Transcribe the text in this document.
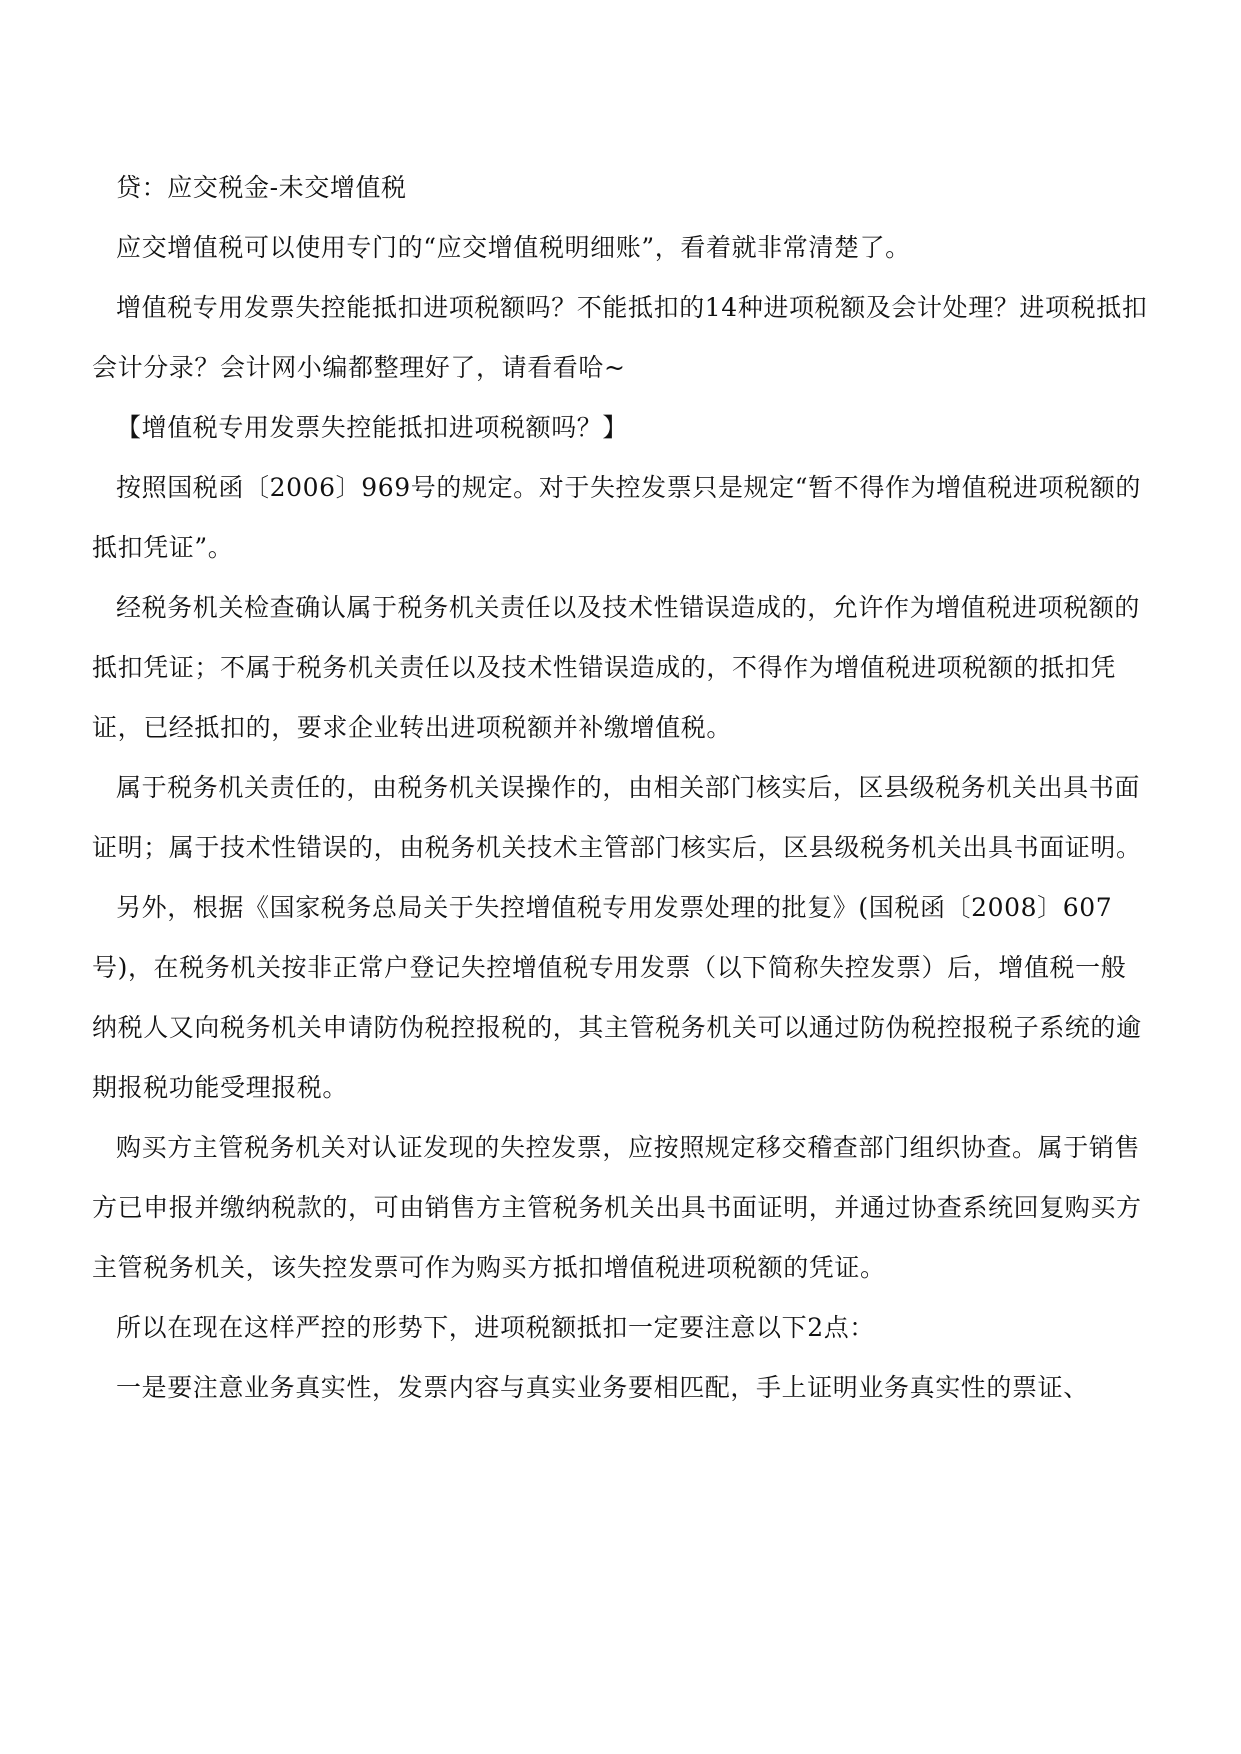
贷：应交税金-未交增值税

应交增值税可以使用专门的“应交增值税明细账”，看着就非常清楚了。

增值税专用发票失控能抵扣进项税额吗？不能抵扣的14种进项税额及会计处理？进项税抵扣会计分录？会计网小编都整理好了，请看看哈~

【增值税专用发票失控能抵扣进项税额吗？】

按照国税函〔2006〕969号的规定。对于失控发票只是规定“暂不得作为增值税进项税额的抵扣凭证”。

经税务机关检查确认属于税务机关责任以及技术性错误造成的，允许作为增值税进项税额的抵扣凭证；不属于税务机关责任以及技术性错误造成的，不得作为增值税进项税额的抵扣凭证，已经抵扣的，要求企业转出进项税额并补缴增值税。

属于税务机关责任的，由税务机关误操作的，由相关部门核实后，区县级税务机关出具书面证明；属于技术性错误的，由税务机关技术主管部门核实后，区县级税务机关出具书面证明。

另外，根据《国家税务总局关于失控增值税专用发票处理的批复》(国税函〔2008〕607号)，在税务机关按非正常户登记失控增值税专用发票（以下简称失控发票）后，增值税一般纳税人又向税务机关申请防伪税控报税的，其主管税务机关可以通过防伪税控报税子系统的逾期报税功能受理报税。

购买方主管税务机关对认证发现的失控发票，应按照规定移交稽查部门组织协查。属于销售方已申报并缴纳税款的，可由销售方主管税务机关出具书面证明，并通过协查系统回复购买方主管税务机关，该失控发票可作为购买方抵扣增值税进项税额的凭证。

所以在现在这样严控的形势下，进项税额抵扣一定要注意以下2点：

一是要注意业务真实性，发票内容与真实业务要相匹配，手上证明业务真实性的票证、
